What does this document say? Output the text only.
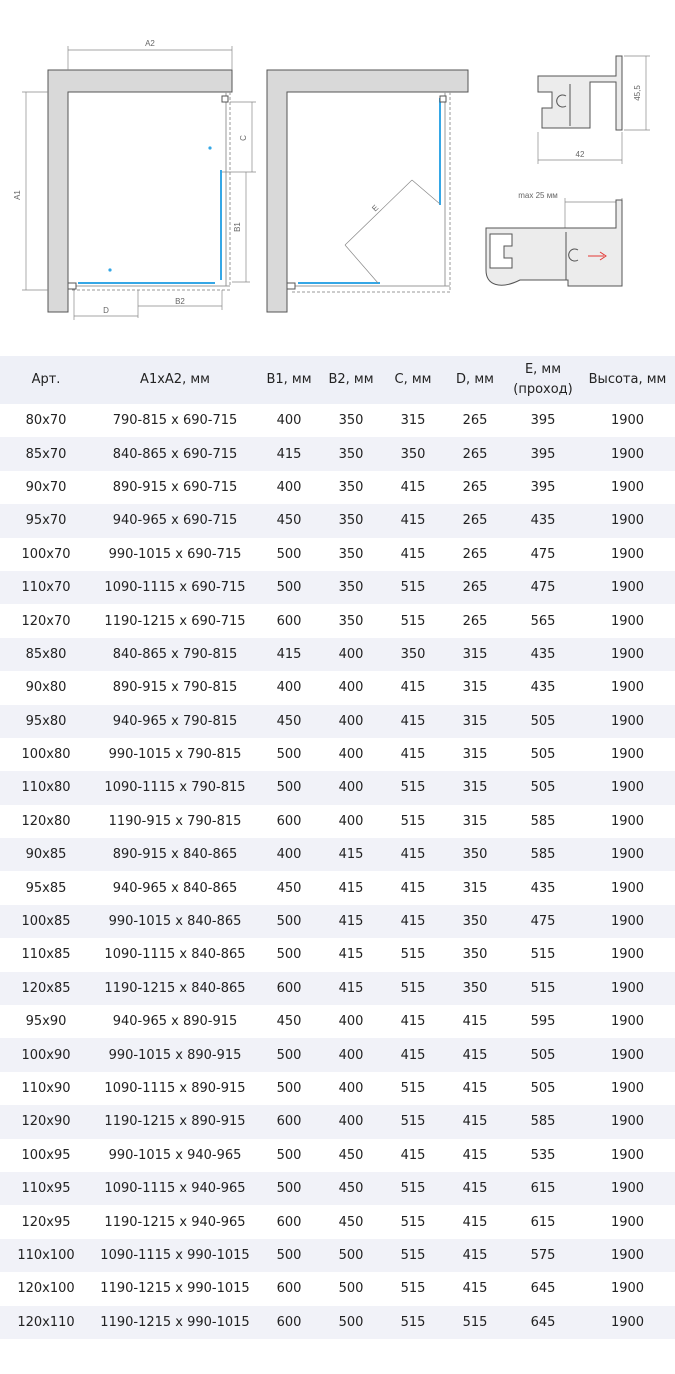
A2
A1
C
B1
B2
D
E
45,5
42
max 25 мм
Арт.	A1xA2, мм	B1, мм	B2, мм	C, мм	D, мм	E, мм (проход)	Высота, мм
80x70	790-815 x 690-715	400	350	315	265	395	1900
85x70	840-865 x 690-715	415	350	350	265	395	1900
90x70	890-915 x 690-715	400	350	415	265	395	1900
95x70	940-965 x 690-715	450	350	415	265	435	1900
100x70	990-1015 x 690-715	500	350	415	265	475	1900
110x70	1090-1115 x 690-715	500	350	515	265	475	1900
120x70	1190-1215 x 690-715	600	350	515	265	565	1900
85x80	840-865 x 790-815	415	400	350	315	435	1900
90x80	890-915 x 790-815	400	400	415	315	435	1900
95x80	940-965 x 790-815	450	400	415	315	505	1900
100x80	990-1015 x 790-815	500	400	415	315	505	1900
110x80	1090-1115 x 790-815	500	400	515	315	505	1900
120x80	1190-915 x 790-815	600	400	515	315	585	1900
90x85	890-915 x 840-865	400	415	415	350	585	1900
95x85	940-965 x 840-865	450	415	415	315	435	1900
100x85	990-1015 x 840-865	500	415	415	350	475	1900
110x85	1090-1115 x 840-865	500	415	515	350	515	1900
120x85	1190-1215 x 840-865	600	415	515	350	515	1900
95x90	940-965 x 890-915	450	400	415	415	595	1900
100x90	990-1015 x 890-915	500	400	415	415	505	1900
110x90	1090-1115 x 890-915	500	400	515	415	505	1900
120x90	1190-1215 x 890-915	600	400	515	415	585	1900
100x95	990-1015 x 940-965	500	450	415	415	535	1900
110x95	1090-1115 x 940-965	500	450	515	415	615	1900
120x95	1190-1215 x 940-965	600	450	515	415	615	1900
110x100	1090-1115 x 990-1015	500	500	515	415	575	1900
120x100	1190-1215 x 990-1015	600	500	515	415	645	1900
120x110	1190-1215 x 990-1015	600	500	515	515	645	1900
